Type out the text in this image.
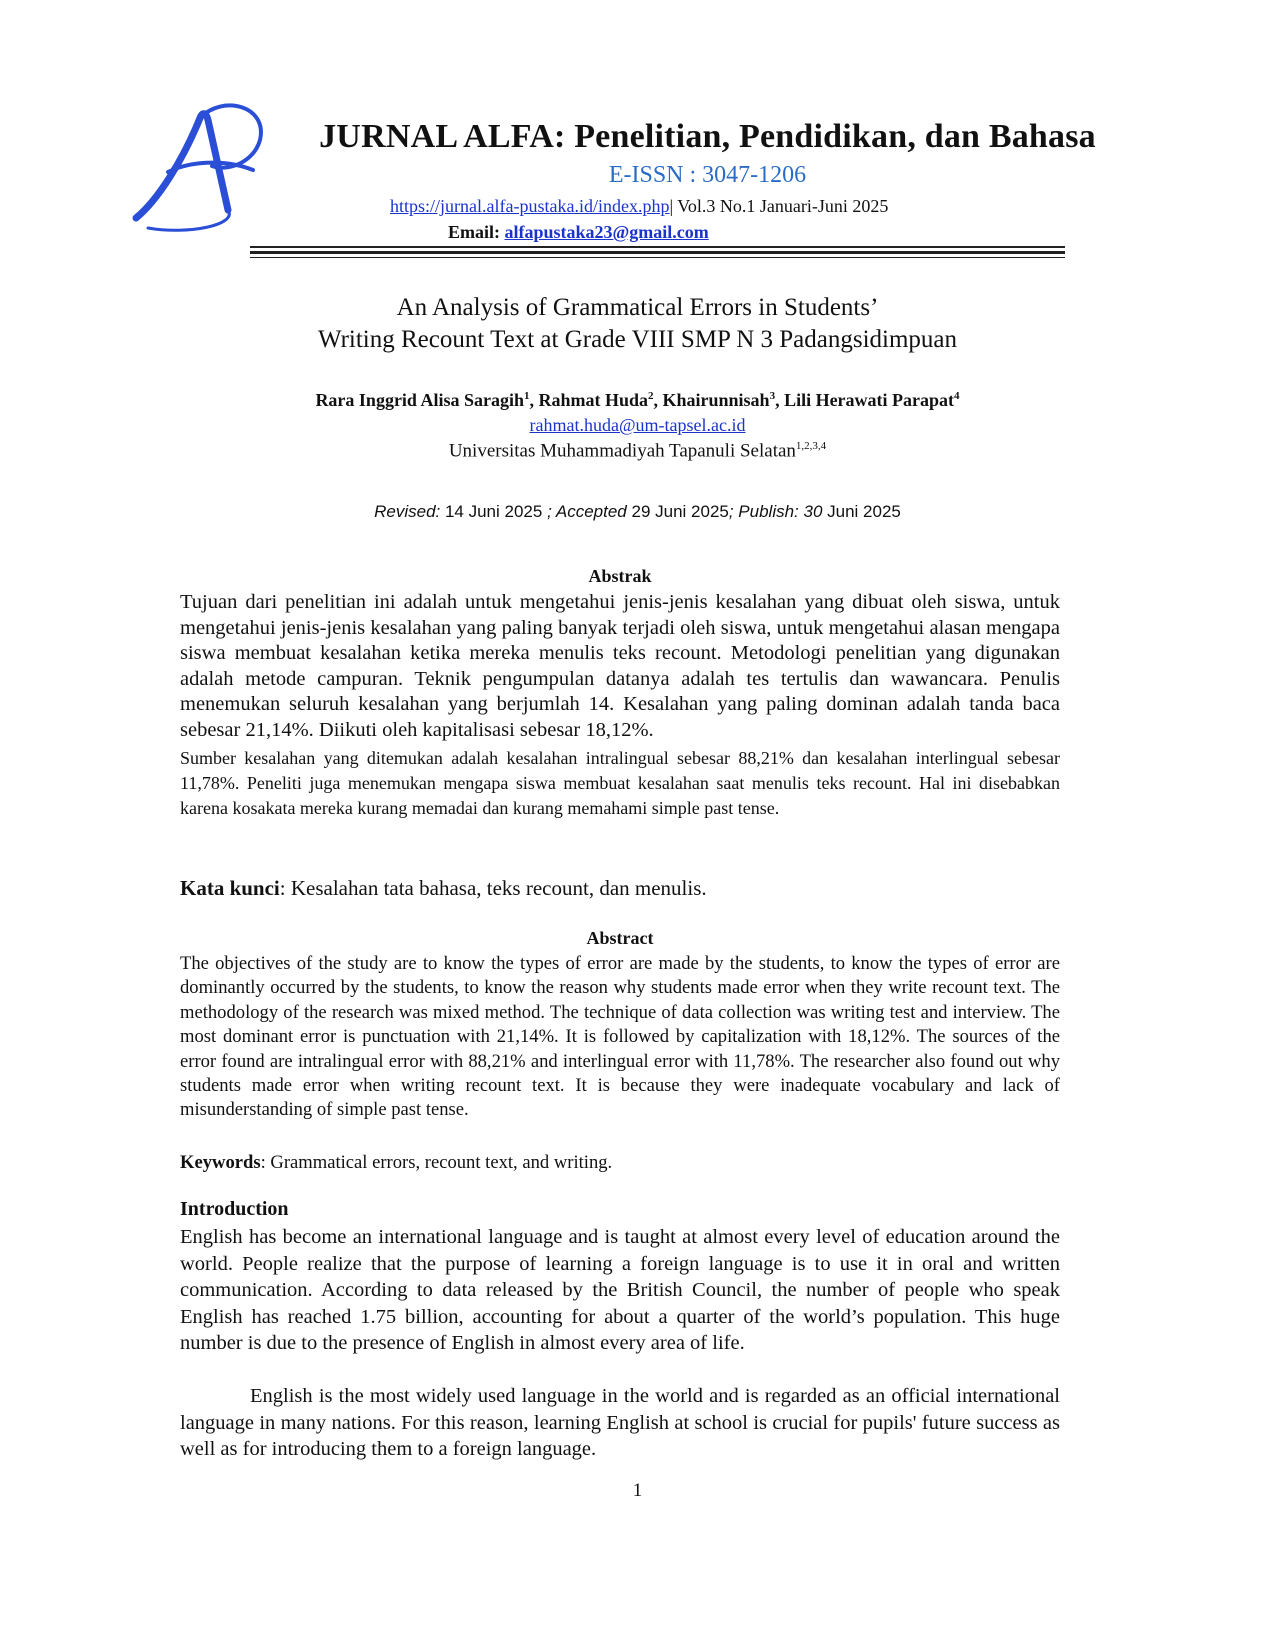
JURNAL ALFA: Penelitian, Pendidikan, dan Bahasa
E-ISSN : 3047-1206
https://jurnal.alfa-pustaka.id/index.php| Vol.3 No.1 Januari-Juni 2025
Email: alfapustaka23@gmail.com
An Analysis of Grammatical Errors in Students’
Writing Recount Text at Grade VIII SMP N 3 Padangsidimpuan
Rara Inggrid Alisa Saragih$^1$, Rahmat Huda$^2$, Khairunnisah$^3$, Lili Herawati Parapat$^4$
rahmat.huda@um-tapsel.ac.id
Universitas Muhammadiyah Tapanuli Selatan$^{1,2,3,4}$
Revised: 14 Juni 2025 ; Accepted 29 Juni 2025; Publish: 30 Juni 2025
Abstrak
Tujuan dari penelitian ini adalah untuk mengetahui jenis-jenis kesalahan yang dibuat oleh siswa, untuk mengetahui jenis-jenis kesalahan yang paling banyak terjadi oleh siswa, untuk mengetahui alasan mengapa siswa membuat kesalahan ketika mereka menulis teks recount. Metodologi penelitian yang digunakan adalah metode campuran. Teknik pengumpulan datanya adalah tes tertulis dan wawancara. Penulis menemukan seluruh kesalahan yang berjumlah 14. Kesalahan yang paling dominan adalah tanda baca sebesar 21,14%. Diikuti oleh kapitalisasi sebesar 18,12%.
Sumber kesalahan yang ditemukan adalah kesalahan intralingual sebesar 88,21% dan kesalahan interlingual sebesar 11,78%. Peneliti juga menemukan mengapa siswa membuat kesalahan saat menulis teks recount. Hal ini disebabkan karena kosakata mereka kurang memadai dan kurang memahami simple past tense.
Kata kunci: Kesalahan tata bahasa, teks recount, dan menulis.
Abstract
The objectives of the study are to know the types of error are made by the students, to know the types of error are dominantly occurred by the students, to know the reason why students made error when they write recount text. The methodology of the research was mixed method. The technique of data collection was writing test and interview. The most dominant error is punctuation with 21,14%. It is followed by capitalization with 18,12%. The sources of the error found are intralingual error with 88,21% and interlingual error with 11,78%. The researcher also found out why students made error when writing recount text. It is because they were inadequate vocabulary and lack of misunderstanding of simple past tense.
Keywords: Grammatical errors, recount text, and writing.
Introduction
English has become an international language and is taught at almost every level of education around the world. People realize that the purpose of learning a foreign language is to use it in oral and written communication. According to data released by the British Council, the number of people who speak English has reached 1.75 billion, accounting for about a quarter of the world’s population. This huge number is due to the presence of English in almost every area of life.
English is the most widely used language in the world and is regarded as an official international language in many nations. For this reason, learning English at school is crucial for pupils' future success as well as for introducing them to a foreign language.
1
